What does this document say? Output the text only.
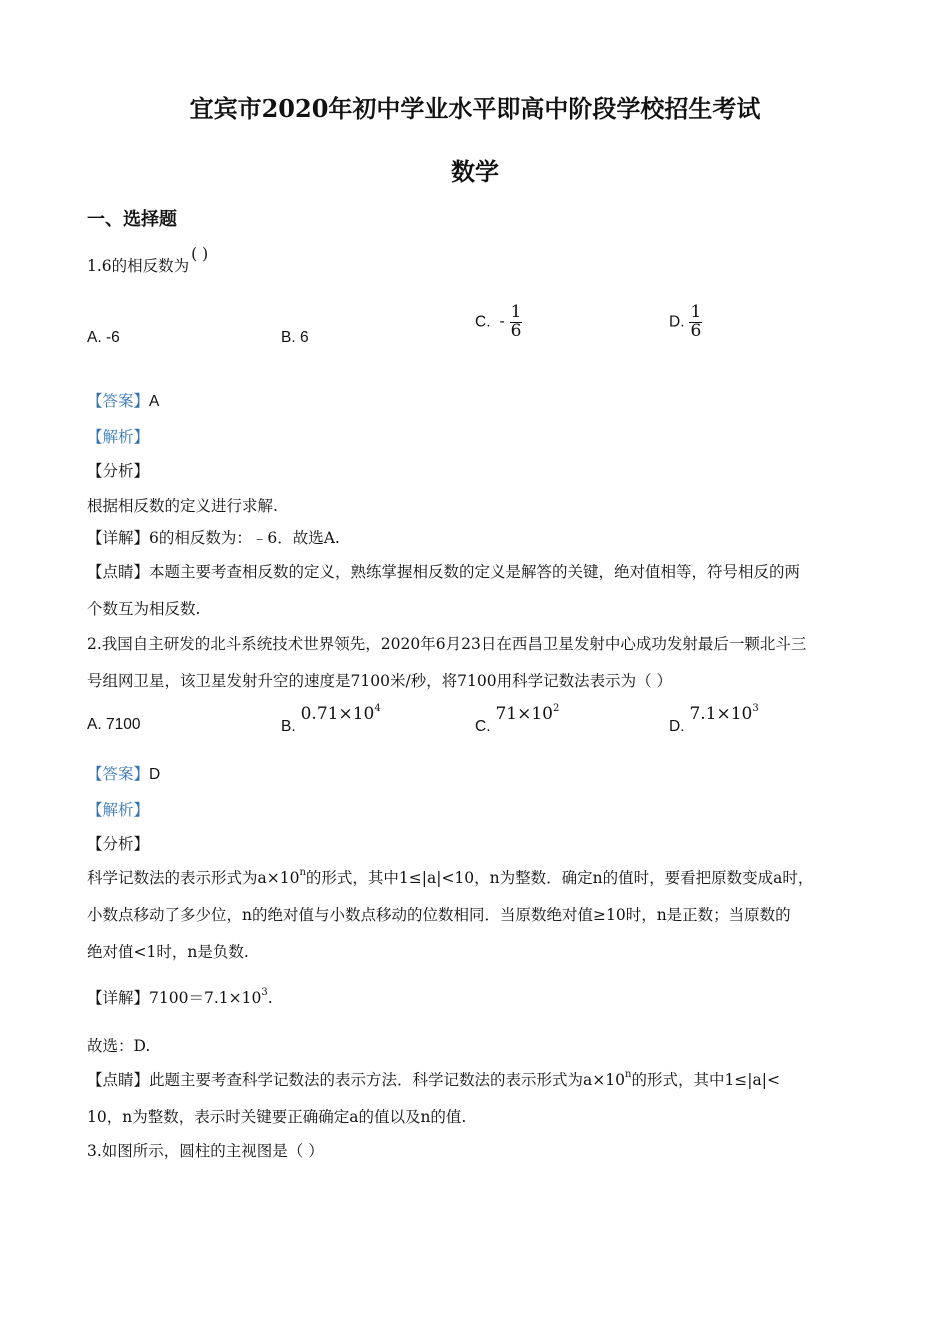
宜宾市2020年初中学业水平即高中阶段学校招生考试
数学
一、选择题
1.6的相反数为( )
A. -6	B. 6
C. - $\frac{1}{6}$	D. $\frac{1}{6}$
【答案】A
【解析】
【分析】
根据相反数的定义进行求解.
【详解】6的相反数为：﹣6．故选A.
【点睛】本题主要考查相反数的定义，熟练掌握相反数的定义是解答的关键，绝对值相等，符号相反的两
个数互为相反数.
2.我国自主研发的北斗系统技术世界领先，2020年6月23日在西昌卫星发射中心成功发射最后一颗北斗三
号组网卫星，该卫星发射升空的速度是7100米/秒，将7100用科学记数法表示为（ ）
A. 7100	B. $0.71\times 10^4$
C. $71\times 10^2$
D. $7.1\times 10^3$
【答案】D
【解析】
【分析】
科学记数法的表示形式为$a\times 10^n$的形式，其中1≤|a|<10，n为整数．确定n的值时，要看把原数变成a时，
小数点移动了多少位，n的绝对值与小数点移动的位数相同．当原数绝对值≥10时，n是正数；当原数的
绝对值<1时，n是负数.
【详解】$7100=7.1\times 10^3$.
故选：D.
【点睛】此题主要考查科学记数法的表示方法．科学记数法的表示形式为$a\times 10^n$的形式，其中1≤|a|<
10，n为整数，表示时关键要正确确定a的值以及n的值.
3.如图所示，圆柱的主视图是（ ）
